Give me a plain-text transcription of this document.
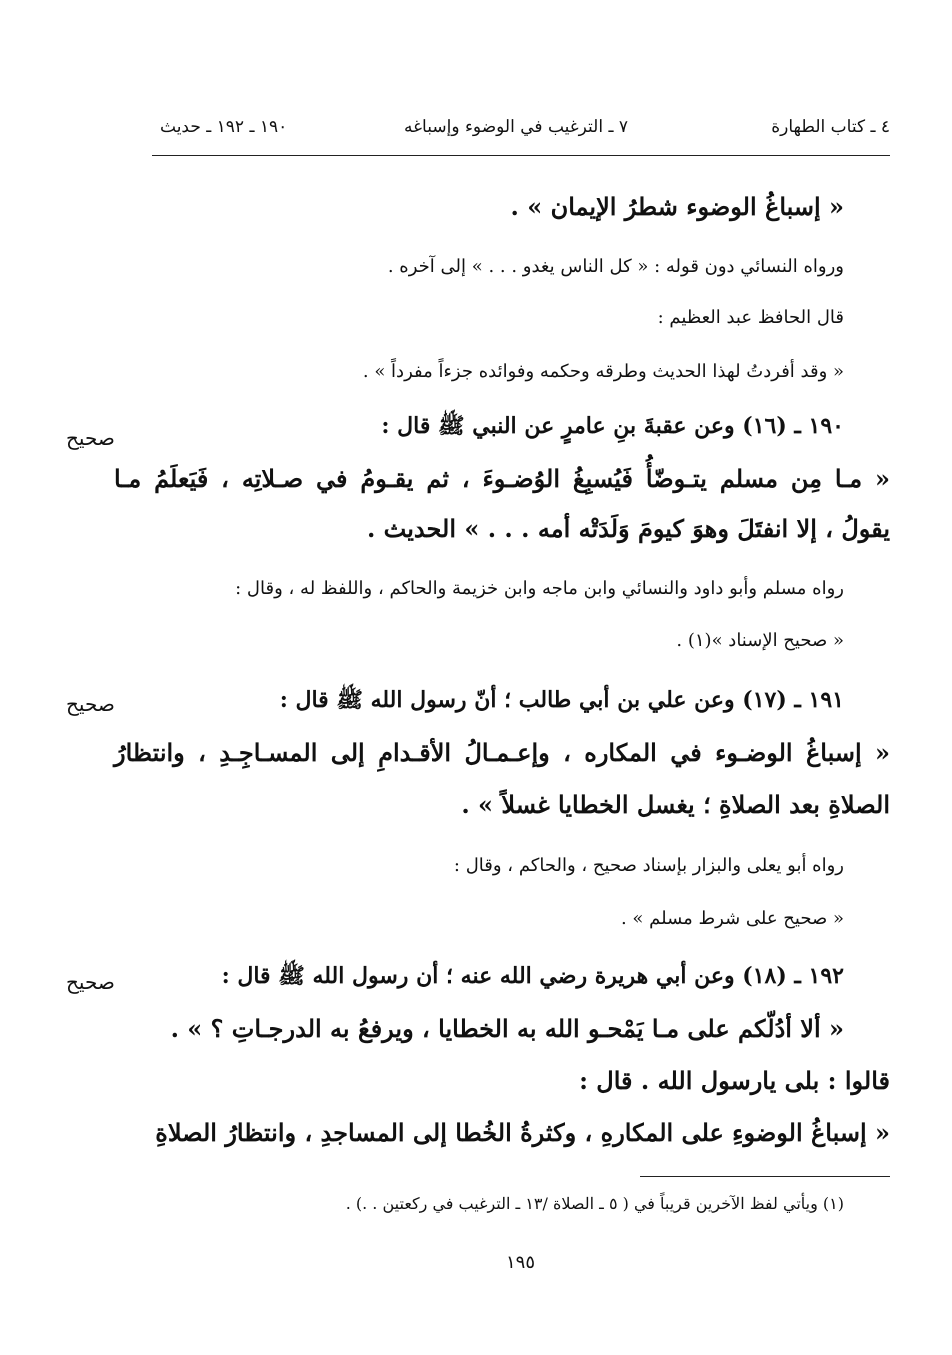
٤ ـ كتاب الطهارة
٧ ـ الترغيب في الوضوء وإسباغه
١٩٠ ـ ١٩٢ ـ حديث
« إسباغُ الوضوء شطرُ الإيمان » .
ورواه النسائي دون قوله : « كل الناس يغدو . . . » إلى آخره .
قال الحافظ عبد العظيم :
« وقد أفردتُ لهذا الحديث وطرقه وحكمه وفوائده جزءاً مفرداً » .
١٩٠ ـ (١٦) وعن عقبةَ بنِ عامرٍ عن النبي ﷺ قال :
صحيح
« مـا مِن مسلم يتـوضّأُ فَيُسبِغُ الوُضـوءَ ، ثم يقـومُ في صـلاتِه ، فَيَعلَمُ مـا
يقولُ ، إلا انفتَلَ وهوَ كيومَ وَلَدَتْه أمه . . . » الحديث .
رواه مسلم وأبو داود والنسائي وابن ماجه وابن خزيمة والحاكم ، واللفظ له ، وقال :
« صحيح الإسناد »(١) .
١٩١ ـ (١٧) وعن علي بن أبي طالب ؛ أنّ رسول الله ﷺ قال :
صحيح
« إسباغُ الوضـوء في المكاره ، وإعـمـالُ الأقـدامِ إلى المسـاجِـدِ ، وانتظارُ
الصلاةِ بعد الصلاةِ ؛ يغسل الخطايا غسلاً » .
رواه أبو يعلى والبزار بإسناد صحيح ، والحاكم ، وقال :
« صحيح على شرط مسلم » .
١٩٢ ـ (١٨) وعن أبي هريرة رضي الله عنه ؛ أن رسول الله ﷺ قال :
صحيح
« ألا أدُلّكم على مـا يَمْحـو الله به الخطايا ، ويرفعُ به الدرجـاتِ ؟ » .
قالوا : بلى يارسول الله . قال :
« إسباغُ الوضوءِ على المكارهِ ، وكثرةُ الخُطا إلى المساجدِ ، وانتظارُ الصلاةِ
(١) ويأتي لفظ الآخرين قريباً في ( ٥ ـ الصلاة /١٣ ـ الترغيب في ركعتين . .) .
١٩٥
